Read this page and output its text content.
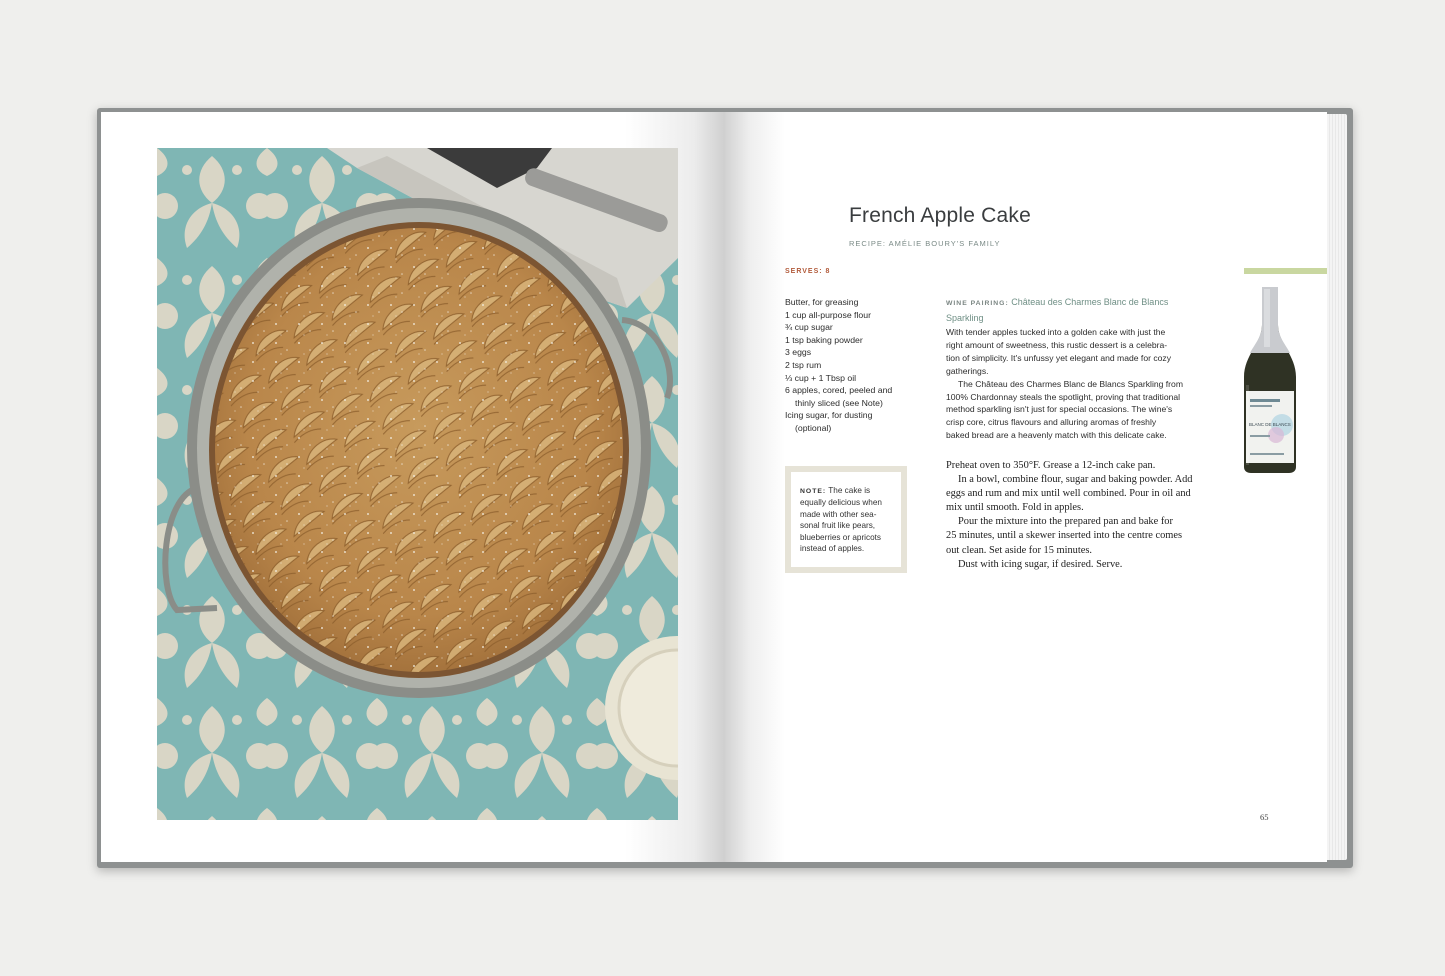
French Apple Cake
RECIPE: AMÉLIE BOURY'S FAMILY
SERVES: 8
Butter, for greasing
1 cup all-purpose flour
¾ cup sugar
1 tsp baking powder
3 eggs
2 tsp rum
⅓ cup + 1 Tbsp oil
6 apples, cored, peeled and
thinly sliced (see Note)
Icing sugar, for dusting
(optional)
NOTE: The cake is
equally delicious when
made with other sea-
sonal fruit like pears,
blueberries or apricots
instead of apples.
WINE PAIRING: Château des Charmes Blanc de Blancs
Sparkling
With tender apples tucked into a golden cake with just the
right amount of sweetness, this rustic dessert is a celebra-
tion of simplicity. It's unfussy yet elegant and made for cozy
gatherings.
The Château des Charmes Blanc de Blancs Sparkling from
100% Chardonnay steals the spotlight, proving that traditional
method sparkling isn't just for special occasions. The wine's
crisp core, citrus flavours and alluring aromas of freshly
baked bread are a heavenly match with this delicate cake.
Preheat oven to 350°F. Grease a 12-inch cake pan.
In a bowl, combine flour, sugar and baking powder. Add
eggs and rum and mix until well combined. Pour in oil and
mix until smooth. Fold in apples.
Pour the mixture into the prepared pan and bake for
25 minutes, until a skewer inserted into the centre comes
out clean. Set aside for 15 minutes.
Dust with icing sugar, if desired. Serve.
BLANC DE BLANCS
65
